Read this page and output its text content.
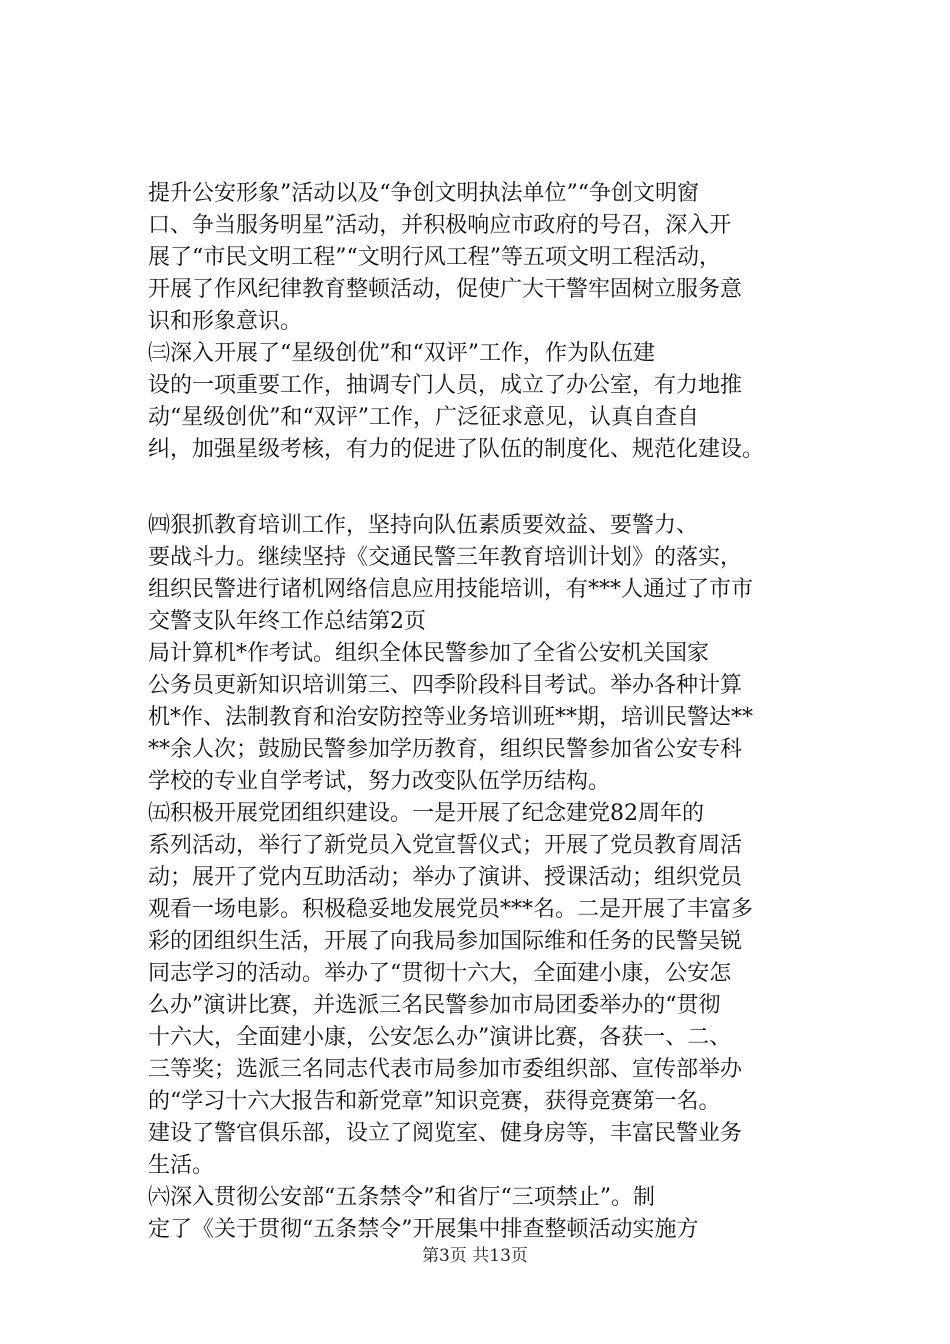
提升公安形象”活动以及“争创文明执法单位”“争创文明窗
口、争当服务明星”活动，并积极响应市政府的号召，深入开
展了“市民文明工程”“文明行风工程”等五项文明工程活动，
开展了作风纪律教育整顿活动，促使广大干警牢固树立服务意
识和形象意识。
㈢深入开展了“星级创优”和“双评”工作，作为队伍建
设的一项重要工作，抽调专门人员，成立了办公室，有力地推
动“星级创优”和“双评”工作，广泛征求意见，认真自查自
纠，加强星级考核，有力的促进了队伍的制度化、规范化建设。
㈣狠抓教育培训工作，坚持向队伍素质要效益、要警力、
要战斗力。继续坚持《交通民警三年教育培训计划》的落实，
组织民警进行诸机网络信息应用技能培训，有***人通过了市市
交警支队年终工作总结第2页
局计算机*作考试。组织全体民警参加了全省公安机关国家
公务员更新知识培训第三、四季阶段科目考试。举办各种计算
机*作、法制教育和治安防控等业务培训班**期，培训民警达**
**余人次；鼓励民警参加学历教育，组织民警参加省公安专科
学校的专业自学考试，努力改变队伍学历结构。
㈤积极开展党团组织建设。一是开展了纪念建党82周年的
系列活动，举行了新党员入党宣誓仪式；开展了党员教育周活
动；展开了党内互助活动；举办了演讲、授课活动；组织党员
观看一场电影。积极稳妥地发展党员***名。二是开展了丰富多
彩的团组织生活，开展了向我局参加国际维和任务的民警吴锐
同志学习的活动。举办了“贯彻十六大，全面建小康，公安怎
么办”演讲比赛，并选派三名民警参加市局团委举办的“贯彻
十六大，全面建小康，公安怎么办”演讲比赛，各获一、二、
三等奖；选派三名同志代表市局参加市委组织部、宣传部举办
的“学习十六大报告和新党章”知识竞赛，获得竞赛第一名。
建设了警官俱乐部，设立了阅览室、健身房等，丰富民警业务
生活。
㈥深入贯彻公安部“五条禁令”和省厅“三项禁止”。制
定了《关于贯彻“五条禁令”开展集中排查整顿活动实施方
第3页 共13页
